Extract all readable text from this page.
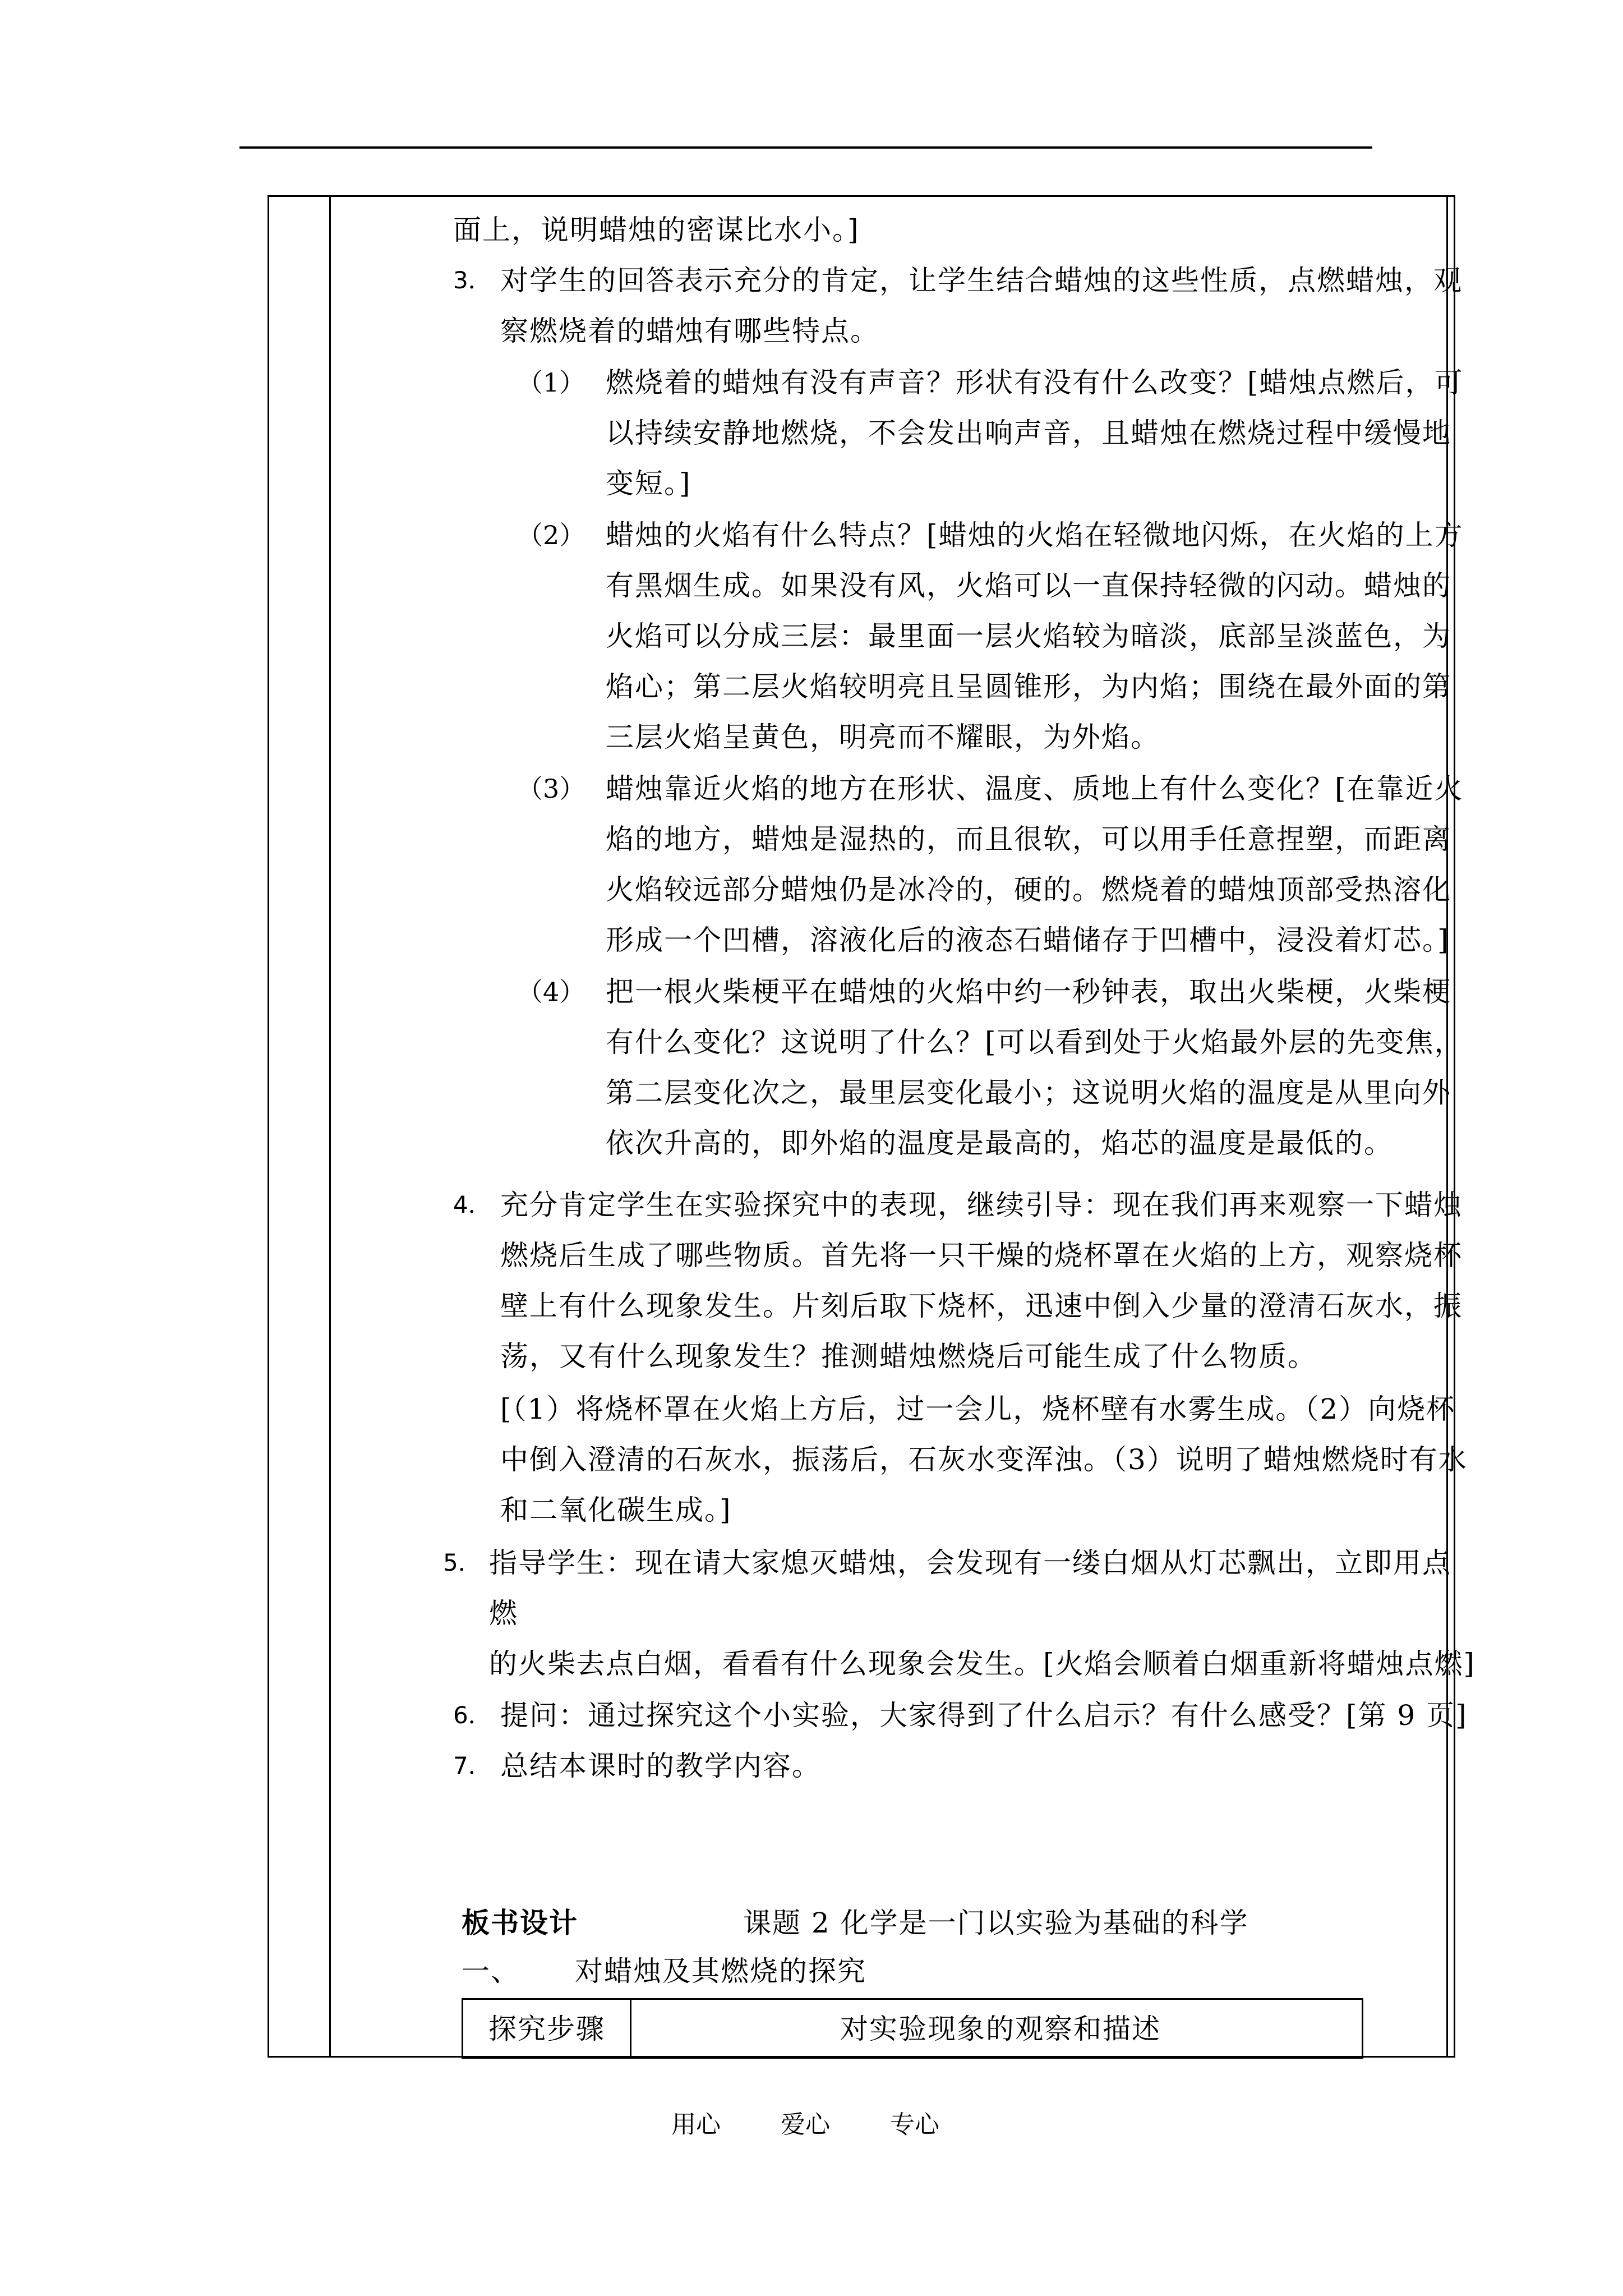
面上，说明蜡烛的密谋比水小。]
3． 对学生的回答表示充分的肯定，让学生结合蜡烛的这些性质，点燃蜡烛，观
察燃烧着的蜡烛有哪些特点。
（1） 燃烧着的蜡烛有没有声音？形状有没有什么改变？[蜡烛点燃后，可
以持续安静地燃烧，不会发出响声音，且蜡烛在燃烧过程中缓慢地
变短。]
（2） 蜡烛的火焰有什么特点？[蜡烛的火焰在轻微地闪烁，在火焰的上方
有黑烟生成。如果没有风，火焰可以一直保持轻微的闪动。蜡烛的
火焰可以分成三层：最里面一层火焰较为暗淡，底部呈淡蓝色，为
焰心；第二层火焰较明亮且呈圆锥形，为内焰；围绕在最外面的第
三层火焰呈黄色，明亮而不耀眼，为外焰。
（3） 蜡烛靠近火焰的地方在形状、温度、质地上有什么变化？[在靠近火
焰的地方，蜡烛是湿热的，而且很软，可以用手任意捏塑，而距离
火焰较远部分蜡烛仍是冰冷的，硬的。燃烧着的蜡烛顶部受热溶化
形成一个凹槽，溶液化后的液态石蜡储存于凹槽中，浸没着灯芯。]
（4） 把一根火柴梗平在蜡烛的火焰中约一秒钟表，取出火柴梗，火柴梗
有什么变化？这说明了什么？[可以看到处于火焰最外层的先变焦，
第二层变化次之，最里层变化最小；这说明火焰的温度是从里向外
依次升高的，即外焰的温度是最高的，焰芯的温度是最低的。
4． 充分肯定学生在实验探究中的表现，继续引导：现在我们再来观察一下蜡烛
燃烧后生成了哪些物质。首先将一只干燥的烧杯罩在火焰的上方，观察烧杯
壁上有什么现象发生。片刻后取下烧杯，迅速中倒入少量的澄清石灰水，振
荡，又有什么现象发生？推测蜡烛燃烧后可能生成了什么物质。
[（1）将烧杯罩在火焰上方后，过一会儿，烧杯壁有水雾生成。（2）向烧杯
中倒入澄清的石灰水，振荡后，石灰水变浑浊。（3）说明了蜡烛燃烧时有水
和二氧化碳生成。]
5． 指导学生：现在请大家熄灭蜡烛，会发现有一缕白烟从灯芯飘出，立即用点
燃
的火柴去点白烟，看看有什么现象会发生。[火焰会顺着白烟重新将蜡烛点燃]
6． 提问：通过探究这个小实验，大家得到了什么启示？有什么感受？[第 9 页]
7． 总结本课时的教学内容。
板书设计	课题 2 化学是一门以实验为基础的科学
一、 对蜡烛及其燃烧的探究
探究步骤	对实验现象的观察和描述
用心 爱心 专心
